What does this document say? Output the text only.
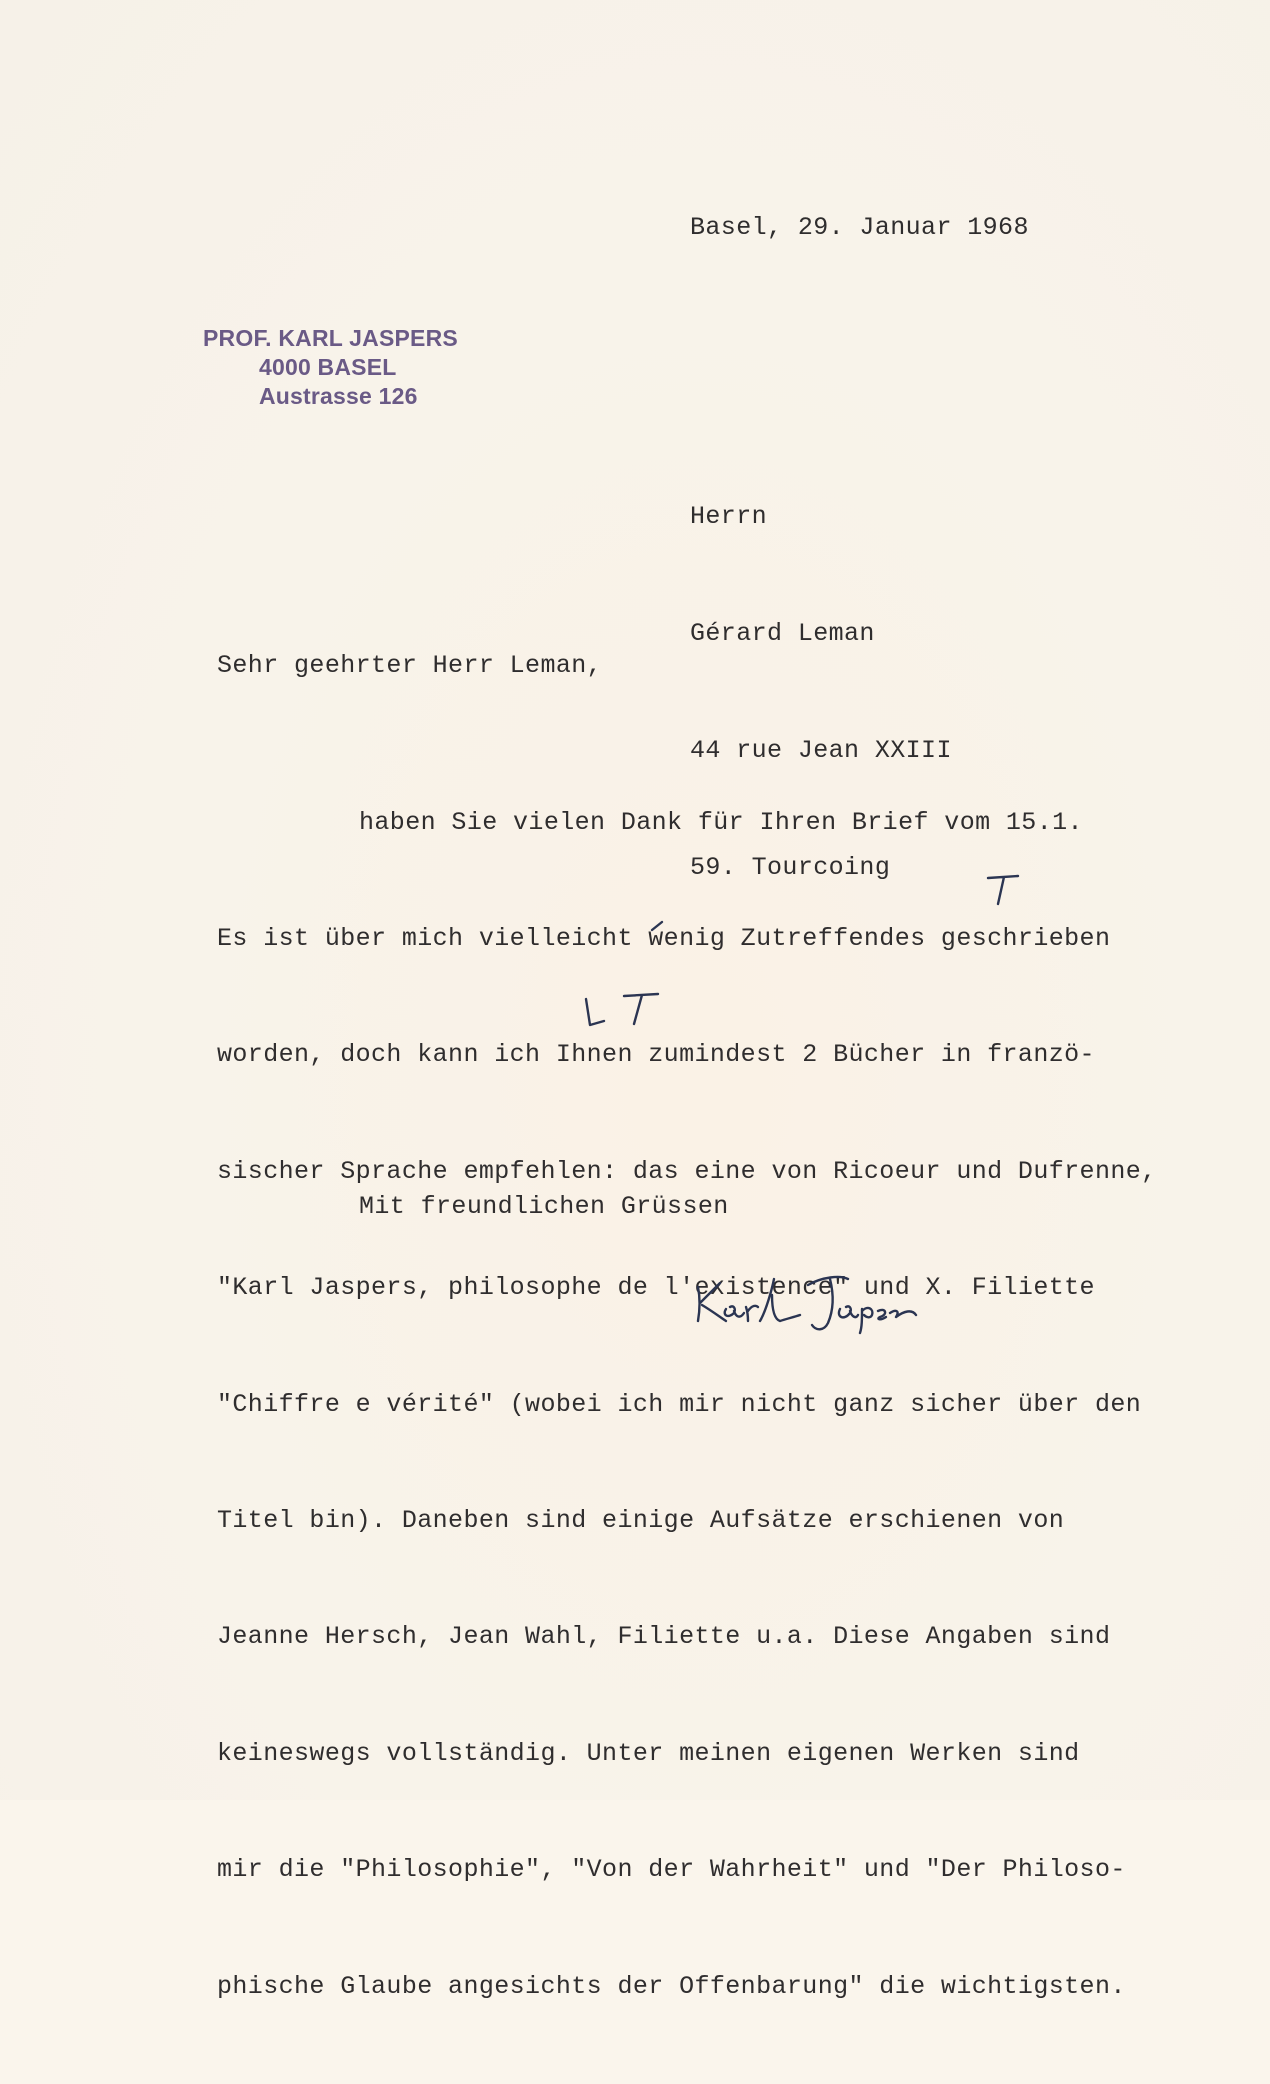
Basel, 29. Januar 1968
PROF. KARL JASPERS
4000 BASEL
Austrasse 126

Herrn

Gérard Leman

44 rue Jean XXIII

59. Tourcoing

Sehr geehrter Herr Leman,

haben Sie vielen Dank für Ihren Brief vom 15.1.

Es ist über mich vielleicht wenig Zutreffendes geschrieben

worden, doch kann ich Ihnen zumindest 2 Bücher in franzö-

sischer Sprache empfehlen: das eine von Ricoeur und Dufrenne,

"Karl Jaspers, philosophe de l'existence" und X. Filiette

"Chiffre e vérité" (wobei ich mir nicht ganz sicher über den

Titel bin). Daneben sind einige Aufsätze erschienen von

Jeanne Hersch, Jean Wahl, Filiette u.a. Diese Angaben sind

keineswegs vollständig. Unter meinen eigenen Werken sind

mir die "Philosophie", "Von der Wahrheit" und "Der Philoso-

phische Glaube angesichts der Offenbarung" die wichtigsten.

Mit freundlichen Grüssen
